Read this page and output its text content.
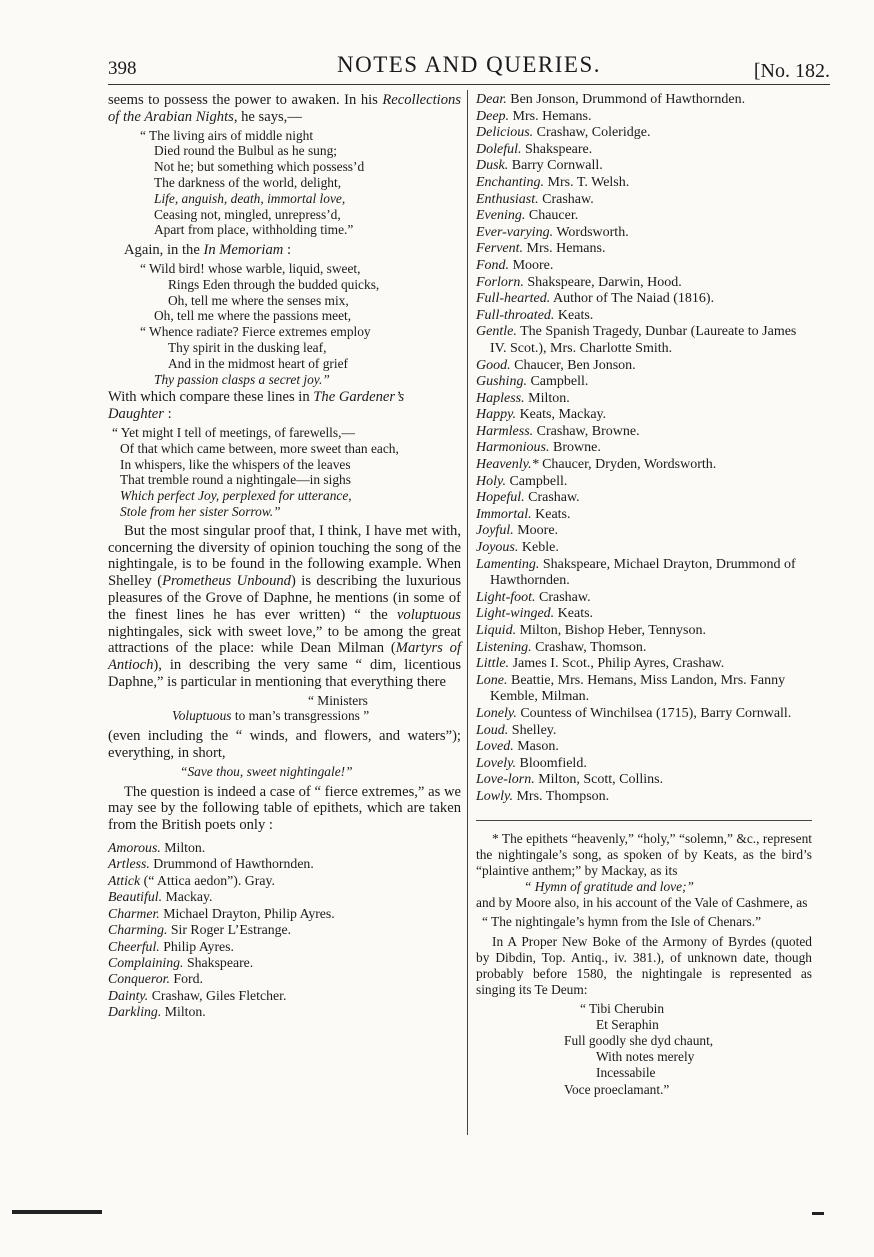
398	NOTES AND QUERIES.	[No. 182.

seems to possess the power to awaken. In his Recollections of the Arabian Nights, he says,—

“ The living airs of middle night
Died round the Bulbul as he sung;
Not he; but something which possess’d
The darkness of the world, delight,
Life, anguish, death, immortal love,
Ceasing not, mingled, unrepress’d,
Apart from place, withholding time.”

Again, in the In Memoriam :

“ Wild bird! whose warble, liquid, sweet,
Rings Eden through the budded quicks,
Oh, tell me where the senses mix,
Oh, tell me where the passions meet,
“ Whence radiate? Fierce extremes employ
Thy spirit in the dusking leaf,
And in the midmost heart of grief
Thy passion clasps a secret joy.”

With which compare these lines in The Gardener’s Daughter :

“ Yet might I tell of meetings, of farewells,—
Of that which came between, more sweet than each,
In whispers, like the whispers of the leaves
That tremble round a nightingale—in sighs
Which perfect Joy, perplexed for utterance,
Stole from her sister Sorrow.”

But the most singular proof that, I think, I have met with, concerning the diversity of opinion touching the song of the nightingale, is to be found in the following example. When Shelley (Prometheus Unbound) is describing the luxurious pleasures of the Grove of Daphne, he mentions (in some of the finest lines he has ever written) “ the voluptuous nightingales, sick with sweet love,” to be among the great attractions of the place: while Dean Milman (Martyrs of Antioch), in describing the very same “ dim, licentious Daphne,” is particular in mentioning that everything there

“ Ministers
Voluptuous to man’s transgressions ”

(even including the “ winds, and flowers, and waters”); everything, in short,

“Save thou, sweet nightingale!”

The question is indeed a case of “ fierce extremes,” as we may see by the following table of epithets, which are taken from the British poets only :

Amorous. Milton.

Artless. Drummond of Hawthornden.

Attick (“ Attica aedon”). Gray.

Beautiful. Mackay.

Charmer. Michael Drayton, Philip Ayres.

Charming. Sir Roger L’Estrange.

Cheerful. Philip Ayres.

Complaining. Shakspeare.

Conqueror. Ford.

Dainty. Crashaw, Giles Fletcher.

Darkling. Milton.

Dear. Ben Jonson, Drummond of Hawthornden.

Deep. Mrs. Hemans.

Delicious. Crashaw, Coleridge.

Doleful. Shakspeare.

Dusk. Barry Cornwall.

Enchanting. Mrs. T. Welsh.

Enthusiast. Crashaw.

Evening. Chaucer.

Ever-varying. Wordsworth.

Fervent. Mrs. Hemans.

Fond. Moore.

Forlorn. Shakspeare, Darwin, Hood.

Full-hearted. Author of The Naiad (1816).

Full-throated. Keats.

Gentle. The Spanish Tragedy, Dunbar (Laureate to James IV. Scot.), Mrs. Charlotte Smith.

Good. Chaucer, Ben Jonson.

Gushing. Campbell.

Hapless. Milton.

Happy. Keats, Mackay.

Harmless. Crashaw, Browne.

Harmonious. Browne.

Heavenly.* Chaucer, Dryden, Wordsworth.

Holy. Campbell.

Hopeful. Crashaw.

Immortal. Keats.

Joyful. Moore.

Joyous. Keble.

Lamenting. Shakspeare, Michael Drayton, Drummond of Hawthornden.

Light-foot. Crashaw.

Light-winged. Keats.

Liquid. Milton, Bishop Heber, Tennyson.

Listening. Crashaw, Thomson.

Little. James I. Scot., Philip Ayres, Crashaw.

Lone. Beattie, Mrs. Hemans, Miss Landon, Mrs. Fanny Kemble, Milman.

Lonely. Countess of Winchilsea (1715), Barry Cornwall.

Loud. Shelley.

Loved. Mason.

Lovely. Bloomfield.

Love-lorn. Milton, Scott, Collins.

Lowly. Mrs. Thompson.

* The epithets “heavenly,” “holy,” “solemn,” &c., represent the nightingale’s song, as spoken of by Keats, as the bird’s “plaintive anthem;” by Mackay, as its

“ Hymn of gratitude and love;”

and by Moore also, in his account of the Vale of Cashmere, as

“ The nightingale’s hymn from the Isle of Chenars.”

In A Proper New Boke of the Armony of Byrdes (quoted by Dibdin, Top. Antiq., iv. 381.), of unknown date, though probably before 1580, the nightingale is represented as singing its Te Deum:

“ Tibi Cherubin
Et Seraphin
Full goodly she dyd chaunt,
With notes merely
Incessabile
Voce proeclamant.”
